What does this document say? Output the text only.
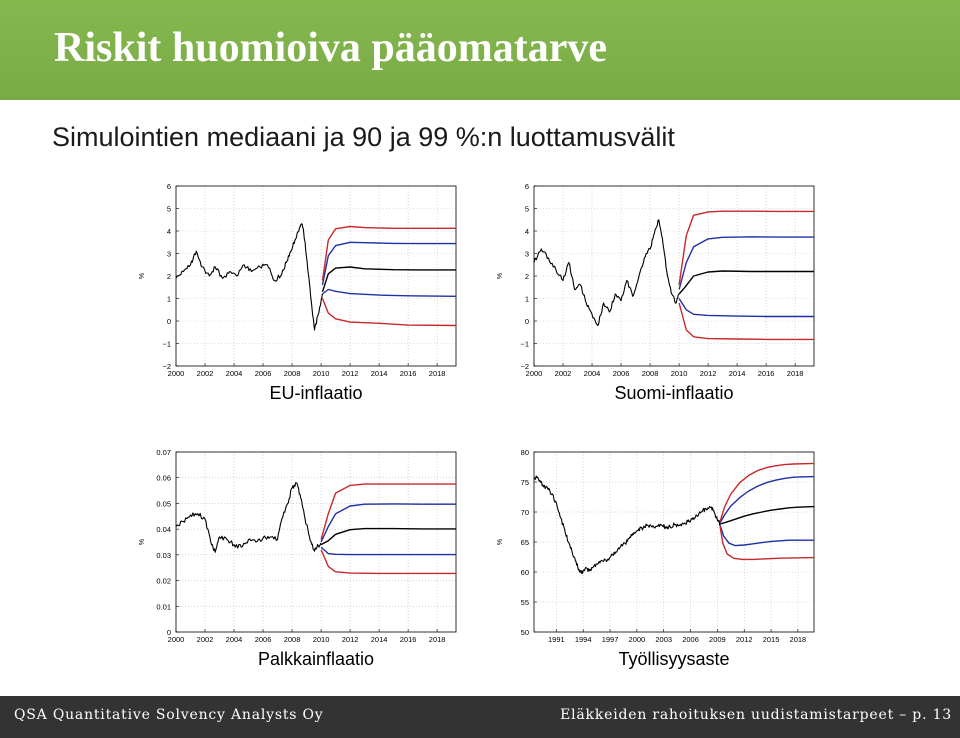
Riskit huomioiva pääomatarve
Simulointien mediaani ja 90 ja 99 %:n luottamusvälit
−2
−1
0
1
2
3
4
5
6
2000 2002 2004 2006 2008 2010 2012 2014 2016 2018
%
EU-inflaatio
−2
−1
0
1
2
3
4
5
6
2000 2002 2004 2006 2008 2010 2012 2014 2016 2018
%
Suomi-inflaatio
0
0.01
0.02
0.03
0.04
0.05
0.06
0.07
2000 2002 2004 2006 2008 2010 2012 2014 2016 2018
%
Palkkainflaatio
50
55
60
65
70
75
80
1991 1994 1997 2000 2003 2006 2009 2012 2015 2018
%
Työllisyysaste
QSA Quantitative Solvency Analysts Oy	Eläkkeiden rahoituksen uudistamistarpeet – p. 13
